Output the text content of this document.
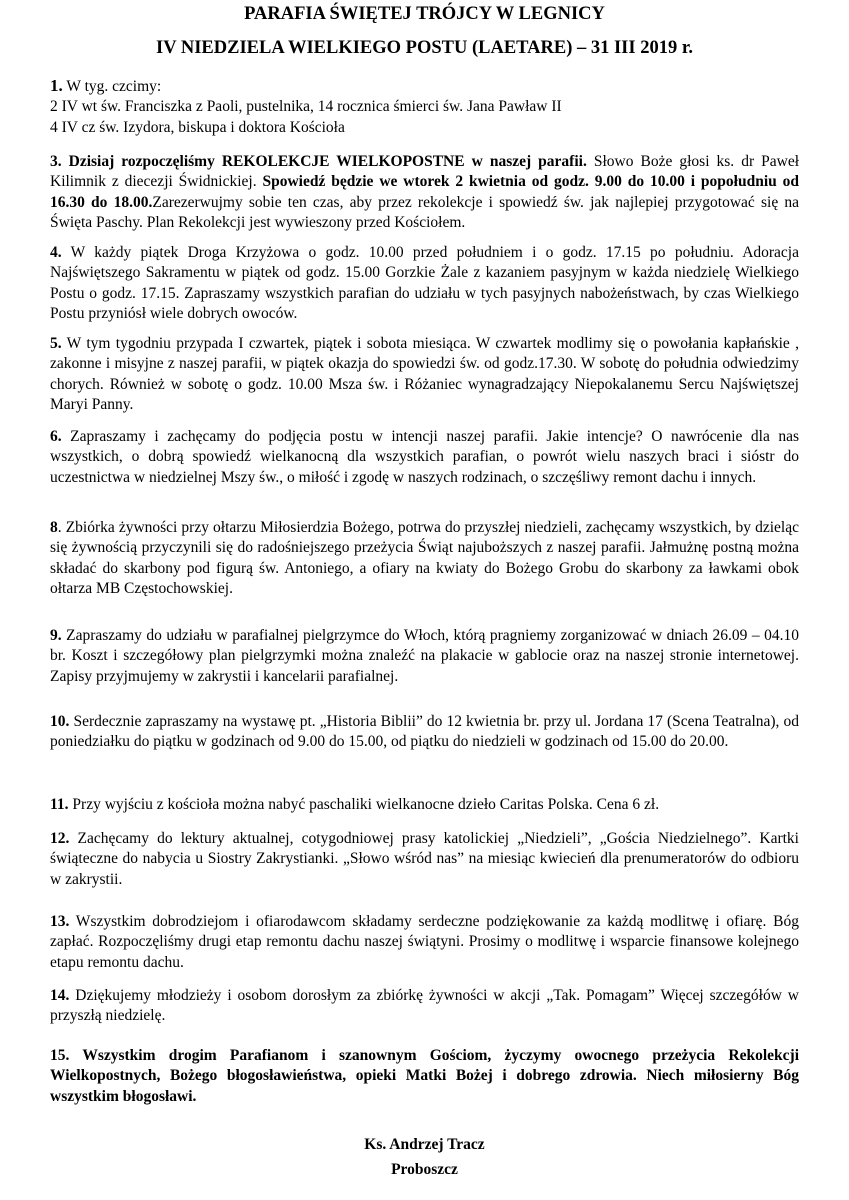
PARAFIA ŚWIĘTEJ TRÓJCY W LEGNICY
IV NIEDZIELA WIELKIEGO POSTU (LAETARE) – 31 III 2019 r.
1. W tyg. czcimy:
2 IV wt św. Franciszka z Paoli, pustelnika, 14 rocznica śmierci św. Jana Pawław II
4 IV cz św. Izydora, biskupa i doktora Kościoła

3. Dzisiaj rozpoczęliśmy REKOLEKCJE WIELKOPOSTNE w naszej parafii. Słowo Boże głosi ks. dr Paweł Kilimnik z diecezji Świdnickiej. Spowiedź będzie we wtorek 2 kwietnia od godz. 9.00 do 10.00 i popołudniu od 16.30 do 18.00.Zarezerwujmy sobie ten czas, aby przez rekolekcje i spowiedź św. jak najlepiej przygotować się na Święta Paschy. Plan Rekolekcji jest wywieszony przed Kościołem.

4. W każdy piątek Droga Krzyżowa o godz. 10.00 przed południem i o godz. 17.15 po południu. Adoracja Najświętszego Sakramentu w piątek od godz. 15.00 Gorzkie Żale z kazaniem pasyjnym w każda niedzielę Wielkiego Postu o godz. 17.15. Zapraszamy wszystkich parafian do udziału w tych pasyjnych nabożeństwach, by czas Wielkiego Postu przyniósł wiele dobrych owoców.

5. W tym tygodniu przypada I czwartek, piątek i sobota miesiąca. W czwartek modlimy się o powołania kapłańskie , zakonne i misyjne z naszej parafii, w piątek okazja do spowiedzi św. od godz.17.30. W sobotę do południa odwiedzimy chorych. Również w sobotę o godz. 10.00 Msza św. i Różaniec wynagradzający Niepokalanemu Sercu Najświętszej Maryi Panny.

6. Zapraszamy i zachęcamy do podjęcia postu w intencji naszej parafii. Jakie intencje? O nawrócenie dla nas wszystkich, o dobrą spowiedź wielkanocną dla wszystkich parafian, o powrót wielu naszych braci i sióstr do uczestnictwa w niedzielnej Mszy św., o miłość i zgodę w naszych rodzinach, o szczęśliwy remont dachu i innych.

8. Zbiórka żywności przy ołtarzu Miłosierdzia Bożego, potrwa do przyszłej niedzieli, zachęcamy wszystkich, by dzieląc się żywnością przyczynili się do radośniejszego przeżycia Świąt najuboższych z naszej parafii. Jałmużnę postną można składać do skarbony pod figurą św. Antoniego, a ofiary na kwiaty do Bożego Grobu do skarbony za ławkami obok ołtarza MB Częstochowskiej.

9. Zapraszamy do udziału w parafialnej pielgrzymce do Włoch, którą pragniemy zorganizować w dniach 26.09 – 04.10 br. Koszt i szczegółowy plan pielgrzymki można znaleźć na plakacie w gablocie oraz na naszej stronie internetowej. Zapisy przyjmujemy w zakrystii i kancelarii parafialnej.

10. Serdecznie zapraszamy na wystawę pt. „Historia Biblii” do 12 kwietnia br. przy ul. Jordana 17 (Scena Teatralna), od poniedziałku do piątku w godzinach od 9.00 do 15.00, od piątku do niedzieli w godzinach od 15.00 do 20.00.

11. Przy wyjściu z kościoła można nabyć paschaliki wielkanocne dzieło Caritas Polska. Cena 6 zł.

12. Zachęcamy do lektury aktualnej, cotygodniowej prasy katolickiej „Niedzieli”, „Gościa Niedzielnego”. Kartki świąteczne do nabycia u Siostry Zakrystianki. „Słowo wśród nas” na miesiąc kwiecień dla prenumeratorów do odbioru w zakrystii.

13. Wszystkim dobrodziejom i ofiarodawcom składamy serdeczne podziękowanie za każdą modlitwę i ofiarę. Bóg zapłać. Rozpoczęliśmy drugi etap remontu dachu naszej świątyni. Prosimy o modlitwę i wsparcie finansowe kolejnego etapu remontu dachu.

14. Dziękujemy młodzieży i osobom dorosłym za zbiórkę żywności w akcji „Tak. Pomagam” Więcej szczegółów w przyszłą niedzielę.

15. Wszystkim drogim Parafianom i szanownym Gościom, życzymy owocnego przeżycia Rekolekcji Wielkopostnych, Bożego błogosławieństwa, opieki Matki Bożej i dobrego zdrowia. Niech miłosierny Bóg wszystkim błogosławi.

Ks. Andrzej Tracz
Proboszcz
